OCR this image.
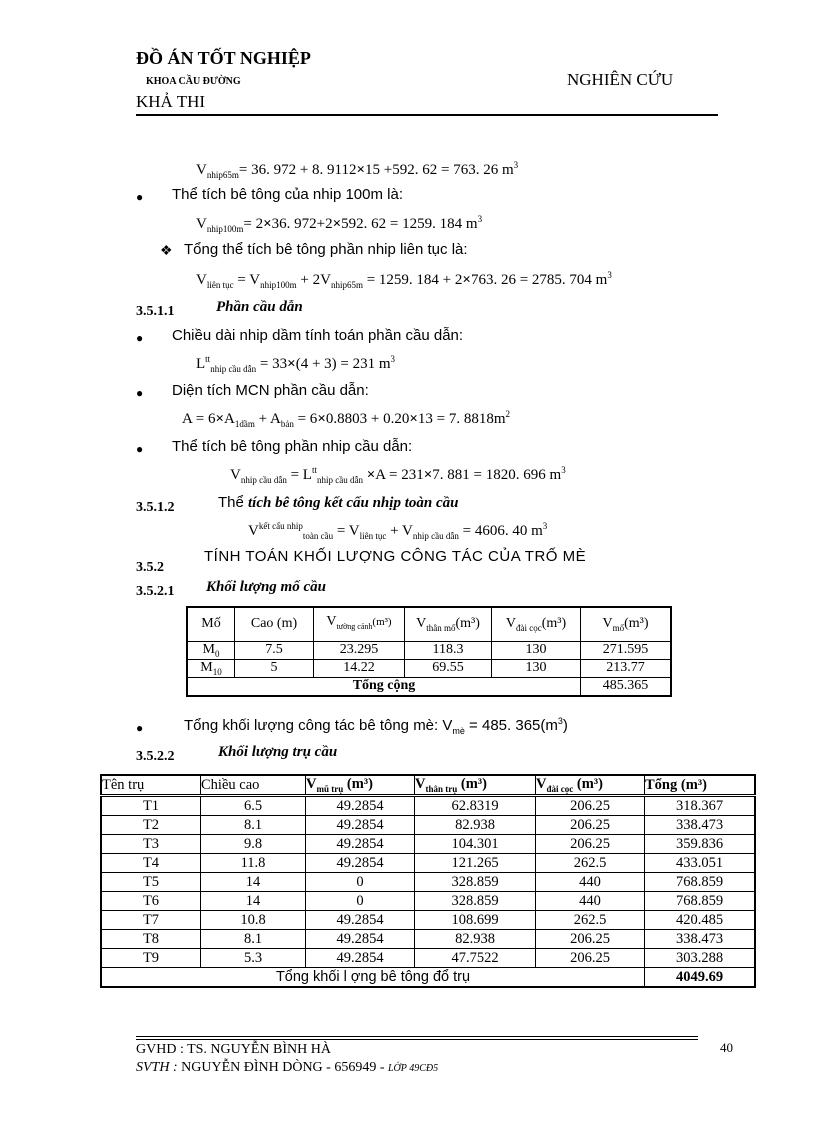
ĐỒ ÁN TỐT NGHIỆP
KHOA CẦU ĐƯỜNG	NGHIÊN CỨU
KHẢ THI
$V_{nhip65m}= 36$. 972 + 8. 9112×15 +592. 62 = 763. 26 $m^3$
● Thể tích bê tông của nhip 100m là:
$V_{nhip100m}= 2\times 36$. 972+2×592. 62 = 1259. 184 $m^3$
❖ Tổng thể tích bê tông phần nhip liên tục là:
$V_{liên tục} = V_{nhip100m} + 2V_{nhip65m} = 1259$. 184 + 2×763. 26 = 2785. 704 $m^3$
3.5.1.1	Phần cầu dẫn
● Chiều dài nhip dầm tính toán phần cầu dẫn:
$L^{tt}_{nhip cầu dẫn} = 33\times(4 + 3) = 231$ $m^3$
● Diện tích MCN phần cầu dẫn:
$A = 6\times A_{1dầm} + A_{bản} = 6\times 0.8803 + 0.20\times 13 = 7$. $8818m^2$
● Thể tích bê tông phần nhip cầu dẫn:
$V_{nhip cầu dẫn} = L^{tt}_{nhip cầu dẫn} \times A = 231\times 7$. 881 = 1820. 696 $m^3$
3.5.1.2	Thể tích bê tông kết cấu nhịp toàn cầu
$V^{kết cấu nhip}_{toàn cầu} = V_{liên tục} + V_{nhip cầu dẫn} = 4606$. 40 $m^3$
3.5.2
TÍNH TOÁN KHỐI LƯỢNG CÔNG TÁC CỦA TRỐ MÈ
3.5.2.1 Khối lượng mố cầu
Mố	Cao (m)	$V_{tường cánh}(m^3)$	$V_{thân mố}(m^3)$	$V_{đài cọc}(m^3)$	$V_{mố}(m^3)$
$M_0$	7.5	23.295	118.3	130	271.595
$M_{10}$	5	14.22	69.55	130	213.77
Tổng cộng					485.365
●	Tổng khối lượng công tác bê tông mè: $V_{mè} = 485$. $365(m^3)$
3.5.2.2	Khối lượng trụ cầu
Tên trụ	Chiều cao	$V_{mũ trụ}$ (m³)	$V_{thân trụ}$ (m³)	$V_{đài cọc}$ (m³)	Tổng (m³)
T1	6.5	49.2854	62.8319	206.25	318.367
T2	8.1	49.2854	82.938	206.25	338.473
T3	9.8	49.2854	104.301	206.25	359.836
T4	11.8	49.2854	121.265	262.5	433.051
T5	14	0	328.859	440	768.859
T6	14	0	328.859	440	768.859
T7	10.8	49.2854	108.699	262.5	420.485
T8	8.1	49.2854	82.938	206.25	338.473
T9	5.3	49.2854	47.7522	206.25	303.288
Tổng khối l ợng bê tông đổ trụ					4049.69
GVHD : TS. NGUYỄN BÌNH HÀ
SVTH : NGUYỄN ĐÌNH DÒNG - 656949 - LỚP 49CĐ5
40
